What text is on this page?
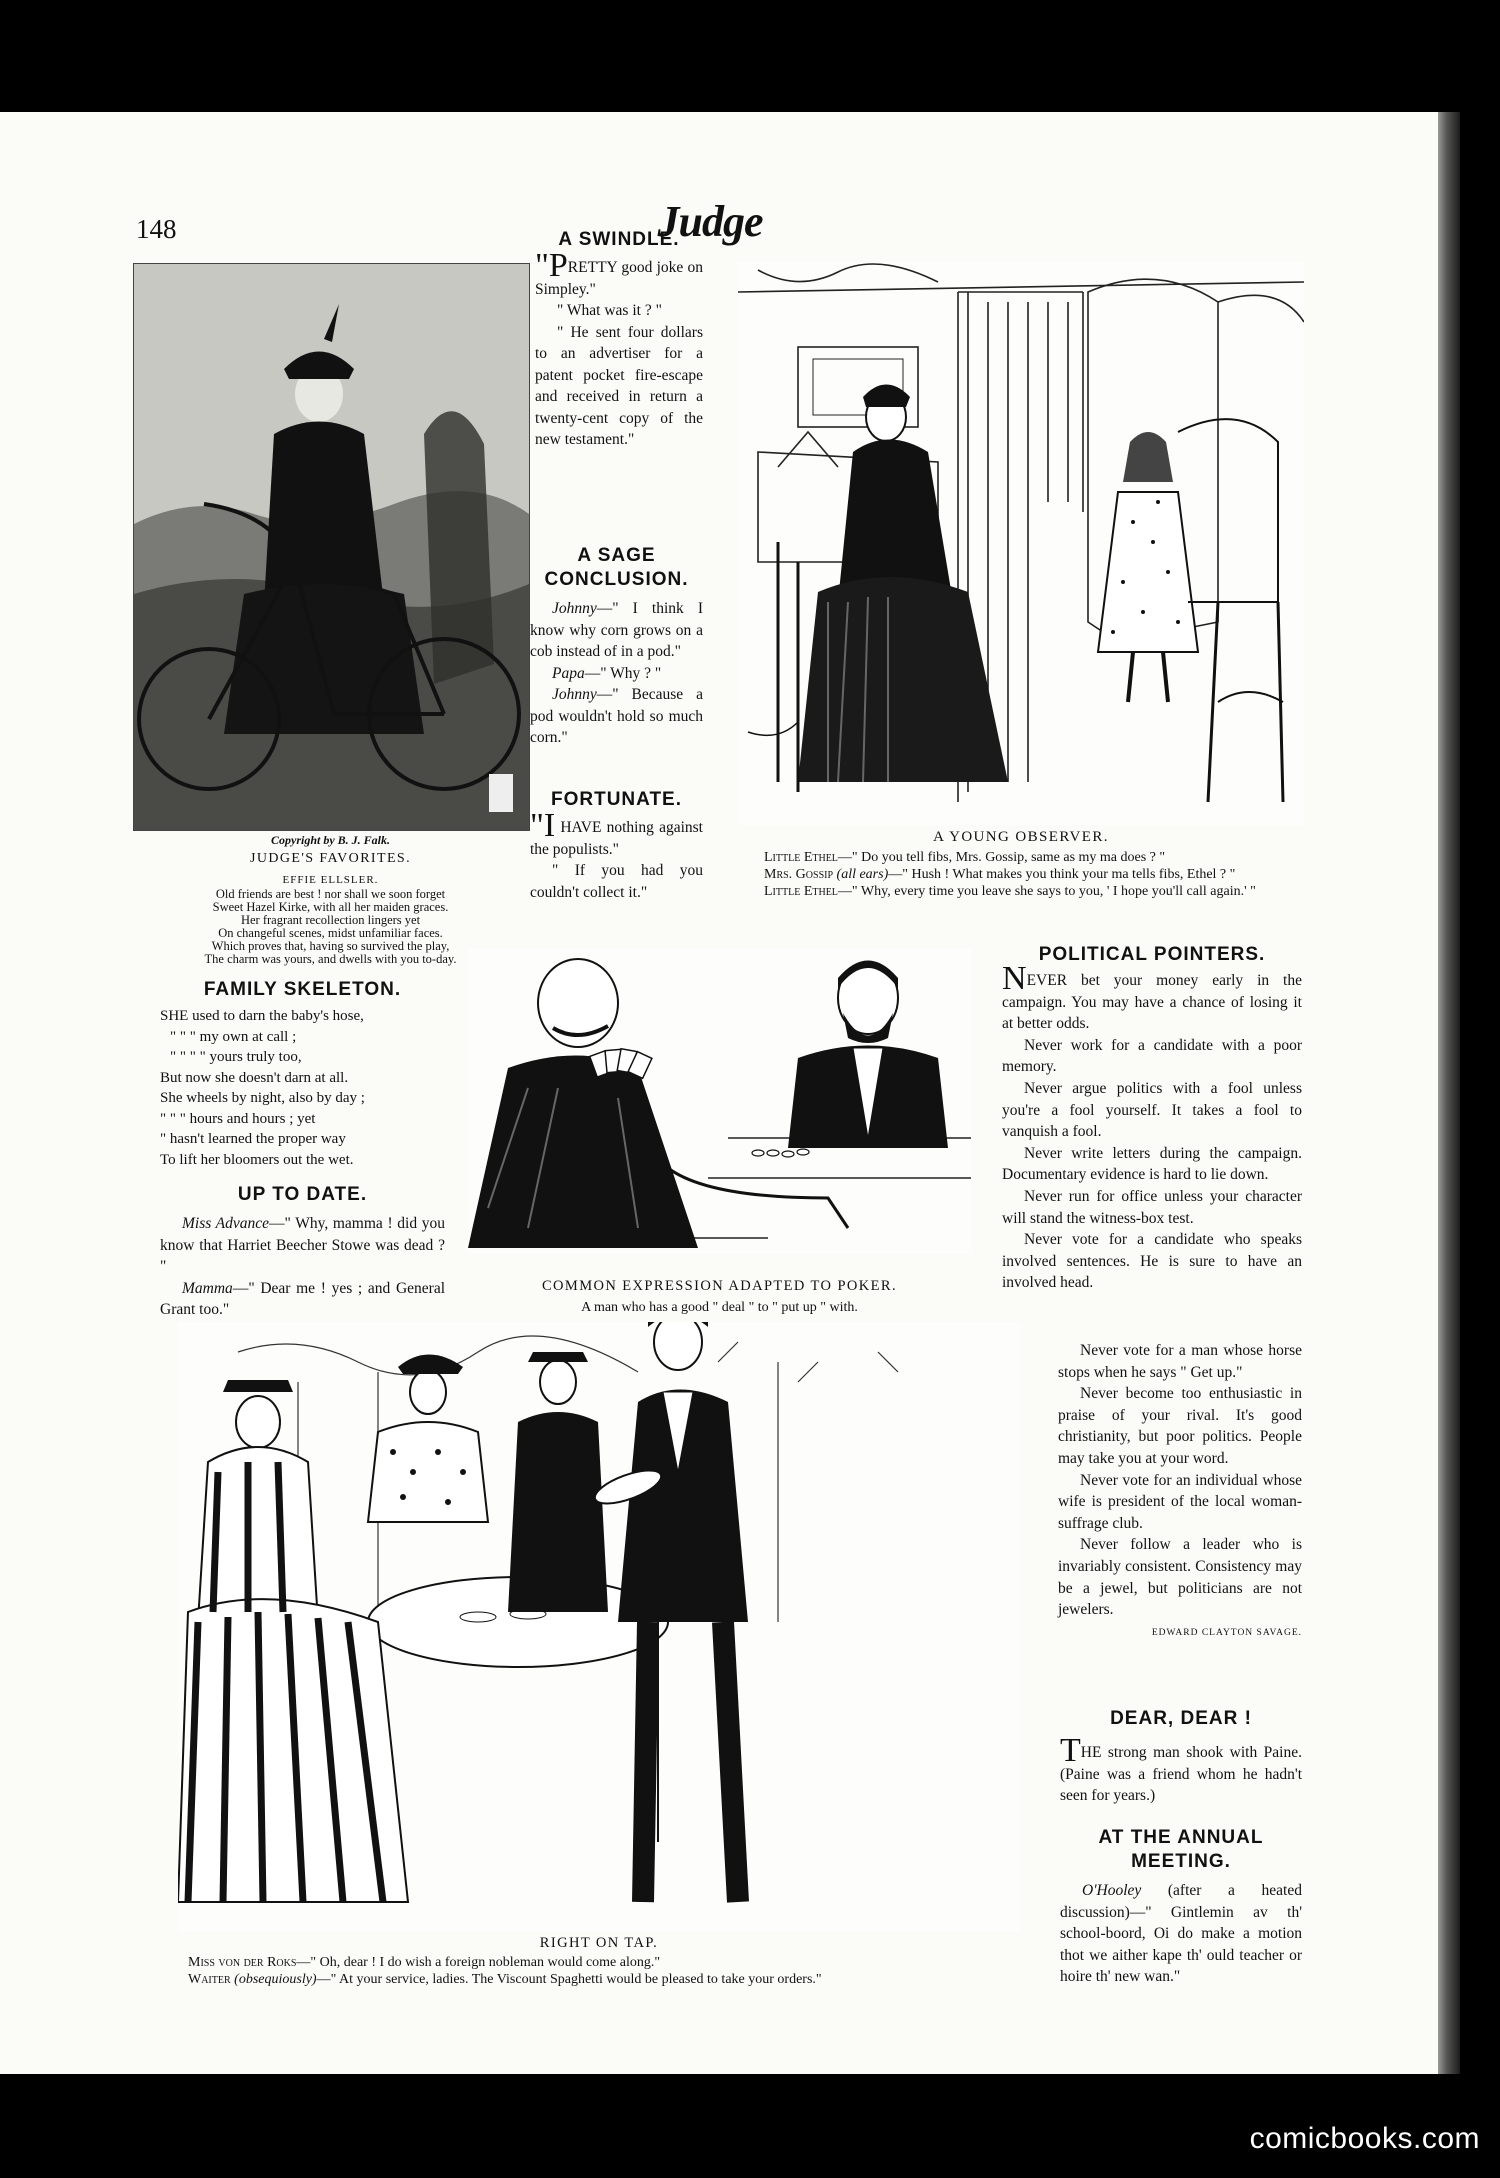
148	Judge
Copyright by B. J. Falk.
JUDGE'S FAVORITES.
EFFIE ELLSLER.
Old friends are best ! nor shall we soon forget
Sweet Hazel Kirke, with all her maiden graces.
Her fragrant recollection lingers yet
On changeful scenes, midst unfamiliar faces.
Which proves that, having so survived the play,
The charm was yours, and dwells with you to-day.
FAMILY SKELETON.

SHE used to darn the baby's hose,

" " " my own at call ;

" " " " yours truly too,

But now she doesn't darn at all.

She wheels by night, also by day ;

" " " hours and hours ; yet

" hasn't learned the proper way

To lift her bloomers out the wet.

UP TO DATE.

Miss Advance—" Why, mamma ! did you know that Harriet Beecher Stowe was dead ? "

Mamma—" Dear me ! yes ; and General Grant too."

A SWINDLE.

"PRETTY good joke on Simpley."

" What was it ? "

" He sent four dollars to an advertiser for a patent pocket fire-escape and received in return a twenty-cent copy of the new testament."

A SAGE CONCLUSION.

Johnny—" I think I know why corn grows on a cob instead of in a pod."

Papa—" Why ? "

Johnny—" Because a pod wouldn't hold so much corn."

FORTUNATE.

"I HAVE nothing against the populists."

" If you had you couldn't collect it."

A YOUNG OBSERVER.
Little Ethel—" Do you tell fibs, Mrs. Gossip, same as my ma does ? "
Mrs. Gossip (all ears)—" Hush ! What makes you think your ma tells fibs, Ethel ? "
Little Ethel—" Why, every time you leave she says to you, ' I hope you'll call again.' "
COMMON EXPRESSION ADAPTED TO POKER.
A man who has a good " deal " to " put up " with.
POLITICAL POINTERS.

NEVER bet your money early in the campaign. You may have a chance of losing it at better odds.

Never work for a candidate with a poor memory.

Never argue politics with a fool unless you're a fool yourself. It takes a fool to vanquish a fool.

Never write letters during the campaign. Documentary evidence is hard to lie down.

Never run for office unless your character will stand the witness-box test.

Never vote for a candidate who speaks involved sentences. He is sure to have an involved head.

Never vote for a man whose horse stops when he says " Get up."

Never become too enthusiastic in praise of your rival. It's good christianity, but poor politics. People may take you at your word.

Never vote for an individual whose wife is president of the local woman-suffrage club.

Never follow a leader who is invariably consistent. Consistency may be a jewel, but politicians are not jewelers.

EDWARD CLAYTON SAVAGE.

DEAR, DEAR !

THE strong man shook with Paine. (Paine was a friend whom he hadn't seen for years.)

AT THE ANNUAL MEETING.

O'Hooley (after a heated discussion)—" Gintlemin av th' school-boord, Oi do make a motion thot we aither kape th' ould teacher or hoire th' new wan."

RIGHT ON TAP.
Miss von der Roks—" Oh, dear ! I do wish a foreign nobleman would come along."
Waiter (obsequiously)—" At your service, ladies. The Viscount Spaghetti would be pleased to take your orders."
comicbooks.com
